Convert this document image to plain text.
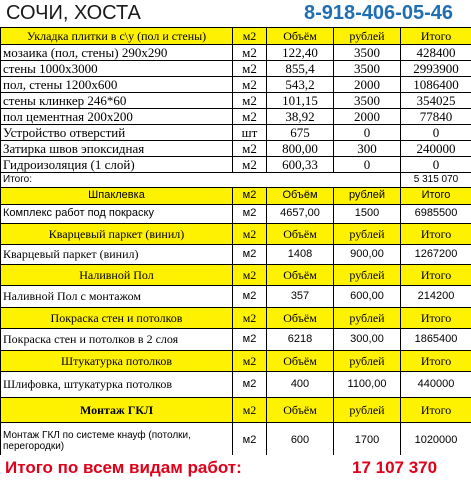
СОЧИ, ХОСТА	8-918-406-05-46
Укладка плитки в с\у (пол и стены)	м2	Объём	рублей	Итого
мозаика (пол, стены) 290х290	м2	122,40	3500	428400
стены 1000х3000	м2	855,4	3500	2993900
пол, стены 1200х600	м2	543,2	2000	1086400
стены клинкер 246*60	м2	101,15	3500	354025
пол цементная 200х200	м2	38,92	2000	77840
Устройство отверстий	шт	675	0	0
Затирка швов эпоксидная	м2	800,00	300	240000
Гидроизоляция (1 слой)	м2	600,33	0	0
Итого:				5 315 070
Шпаклевка	м2	Объём	рублей	Итого
Комплекс работ под покраску	м2	4657,00	1500	6985500
Кварцевый паркет (винил)	м2	Объём	рублей	Итого
Кварцевый паркет (винил)	м2	1408	900,00	1267200
Наливной Пол	м2	Объём	рублей	Итого
Наливной Пол с монтажом	м2	357	600,00	214200
Покраска стен и потолков	м2	Объём	рублей	Итого
Покраска стен и потолков в 2 слоя	м2	6218	300,00	1865400
Штукатурка потолков	м2	Объём	рублей	Итого
Шлифовка, штукатурка потолков	м2	400	1100,00	440000
Монтаж ГКЛ	м2	Объём	рублей	Итого
Монтаж ГКЛ по системе кнауф (потолки, перегородки)	м2	600	1700	1020000
Итого по всем видам работ:	17 107 370
